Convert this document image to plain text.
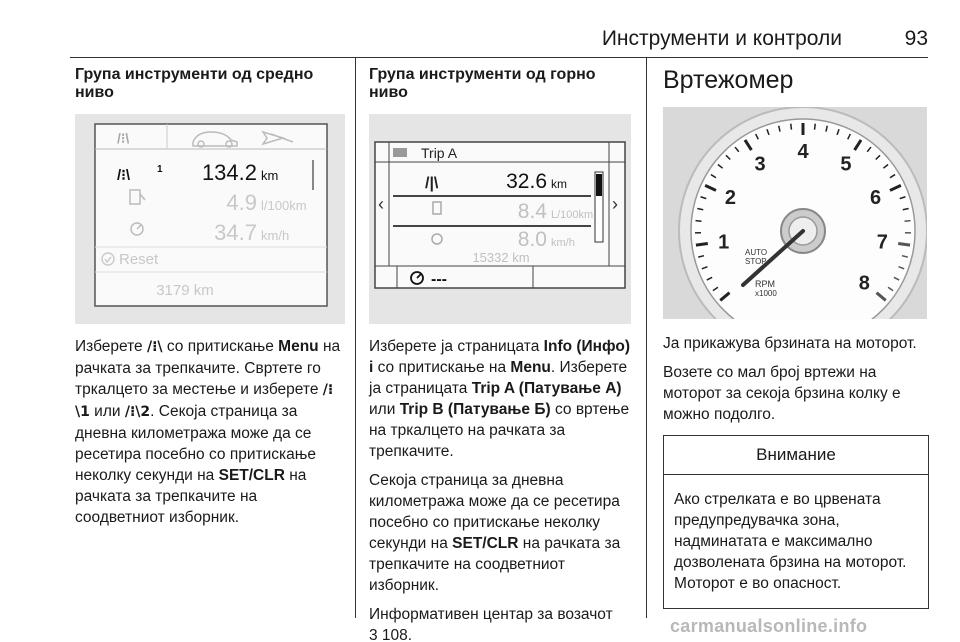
Инструменти и контроли	93
Група инструменти од средно ниво
/⁝\
/⁝\	1 134.2 km
4.9 l/100km
34.7 km/h
Reset
3179 km
Изберете /⁝\ со притискање Menu на рачката за трепкачите. Свртете го тркалцето за местење и изберете /⁝\1 или /⁝\2. Секоја страница за дневна километража може да се ресетира посебно со притискање неколку секунди на SET/CLR на рачката за трепкачите на соодветниот изборник.
Група инструменти од горно ниво
‹	›
Trip A
/|\	32.6 km
8.4 L/100km
8.0 km/h
15332 km
---
Изберете ја страницата Info (Инфо) i со притискање на Menu. Изберете ја страницата Trip A (Патување А) или Trip B (Патување Б) со вртење на тркалцето на рачката за трепкачите.
Секоја страница за дневна километража може да се ресетира посебно со притискање неколку секунди на SET/CLR на рачката за трепкачите на соодветниот изборник.
Информативен центар за возачот
3 108.
Вртежомер
1
2
3
4
5
6
7
8
AUTO
STOP
RPM
x1000
Ја прикажува брзината на моторот.
Возете со мал број вртежи на моторот за секоја брзина колку е можно подолго.
Внимание
Ако стрелката е во црвената предупредувачка зона, надминатата е максимално дозволената брзина на моторот. Моторот е во опасност.
carmanualsonline.info
